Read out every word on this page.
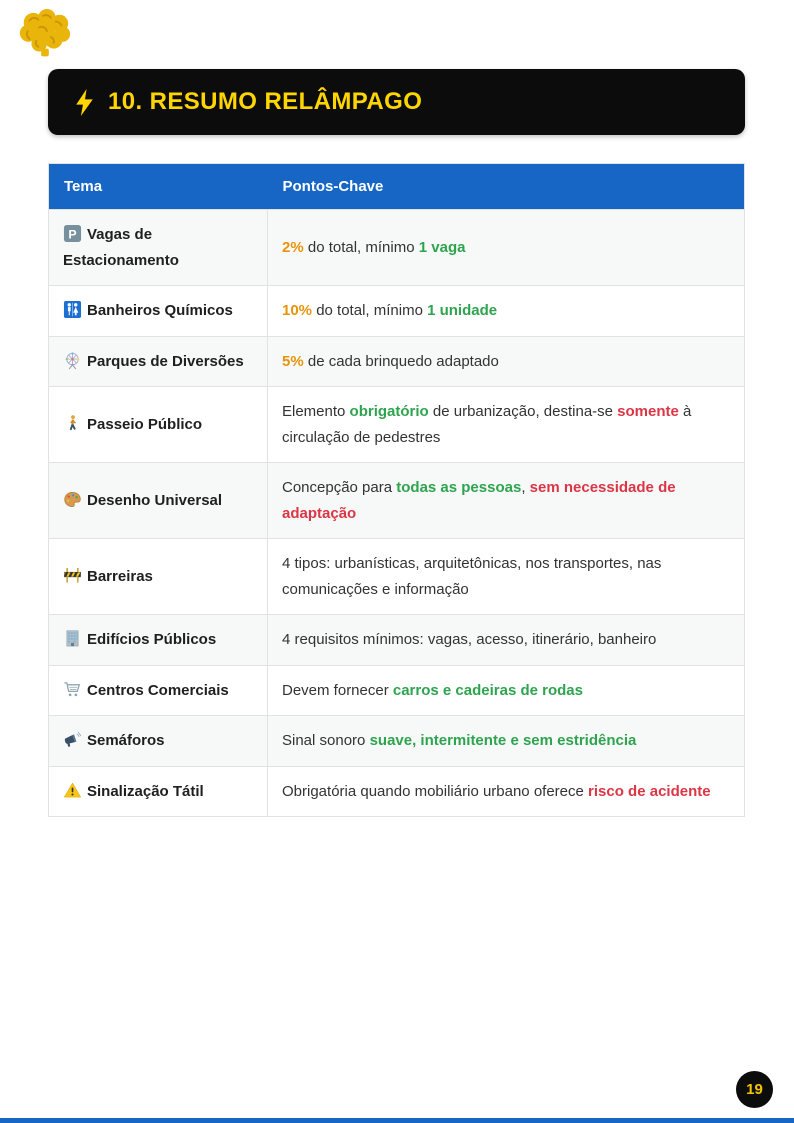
10. RESUMO RELÂMPAGO
Tema	Pontos-Chave

P Vagas de Estacionamento	2% do total, mínimo 1 vaga

Banheiros Químicos	10% do total, mínimo 1 unidade

Parques de Diversões	5% de cada brinquedo adaptado

Passeio Público	Elemento obrigatório de urbanização, destina-se somente à circulação de pedestres

Desenho Universal	Concepção para todas as pessoas, sem necessidade de adaptação

Barreiras	4 tipos: urbanísticas, arquitetônicas, nos transportes, nas comunicações e informação

Edifícios Públicos	4 requisitos mínimos: vagas, acesso, itinerário, banheiro

Centros Comerciais	Devem fornecer carros e cadeiras de rodas

Semáforos	Sinal sonoro suave, intermitente e sem estridência

Sinalização Tátil	Obrigatória quando mobiliário urbano oferece risco de acidente
19
